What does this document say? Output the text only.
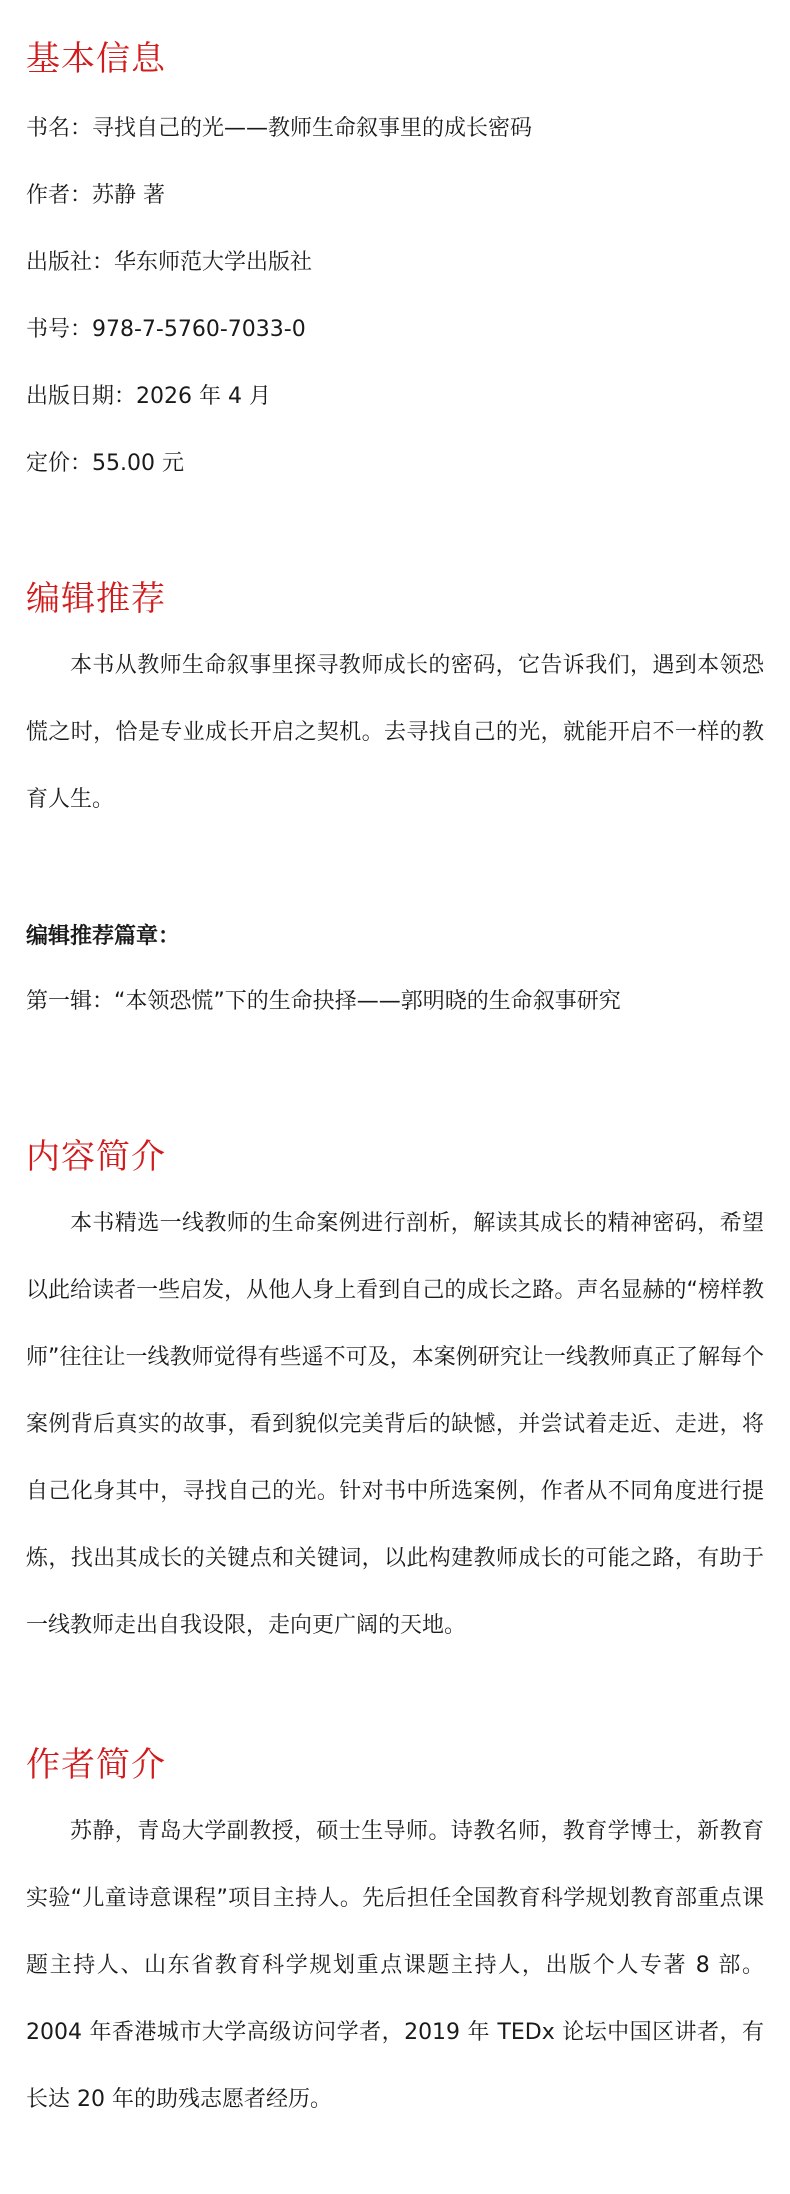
基本信息
书名：寻找自己的光——教师生命叙事里的成长密码
作者：苏静 著
出版社：华东师范大学出版社
书号：978-7-5760-7033-0
出版日期：2026 年 4 月
定价：55.00 元
编辑推荐

本书从教师生命叙事里探寻教师成长的密码，它告诉我们，遇到本领恐慌之时，恰是专业成长开启之契机。去寻找自己的光，就能开启不一样的教育人生。

编辑推荐篇章：
第一辑：“本领恐慌”下的生命抉择——郭明晓的生命叙事研究
内容简介

本书精选一线教师的生命案例进行剖析，解读其成长的精神密码，希望以此给读者一些启发，从他人身上看到自己的成长之路。声名显赫的“榜样教师”往往让一线教师觉得有些遥不可及，本案例研究让一线教师真正了解每个案例背后真实的故事，看到貌似完美背后的缺憾，并尝试着走近、走进，将自己化身其中，寻找自己的光。针对书中所选案例，作者从不同角度进行提炼，找出其成长的关键点和关键词，以此构建教师成长的可能之路，有助于一线教师走出自我设限，走向更广阔的天地。

作者简介

苏静，青岛大学副教授，硕士生导师。诗教名师，教育学博士，新教育实验“儿童诗意课程”项目主持人。先后担任全国教育科学规划教育部重点课题主持人、山东省教育科学规划重点课题主持人，出版个人专著 8 部。2004 年香港城市大学高级访问学者，2019 年 TEDx 论坛中国区讲者，有长达 20 年的助残志愿者经历。
